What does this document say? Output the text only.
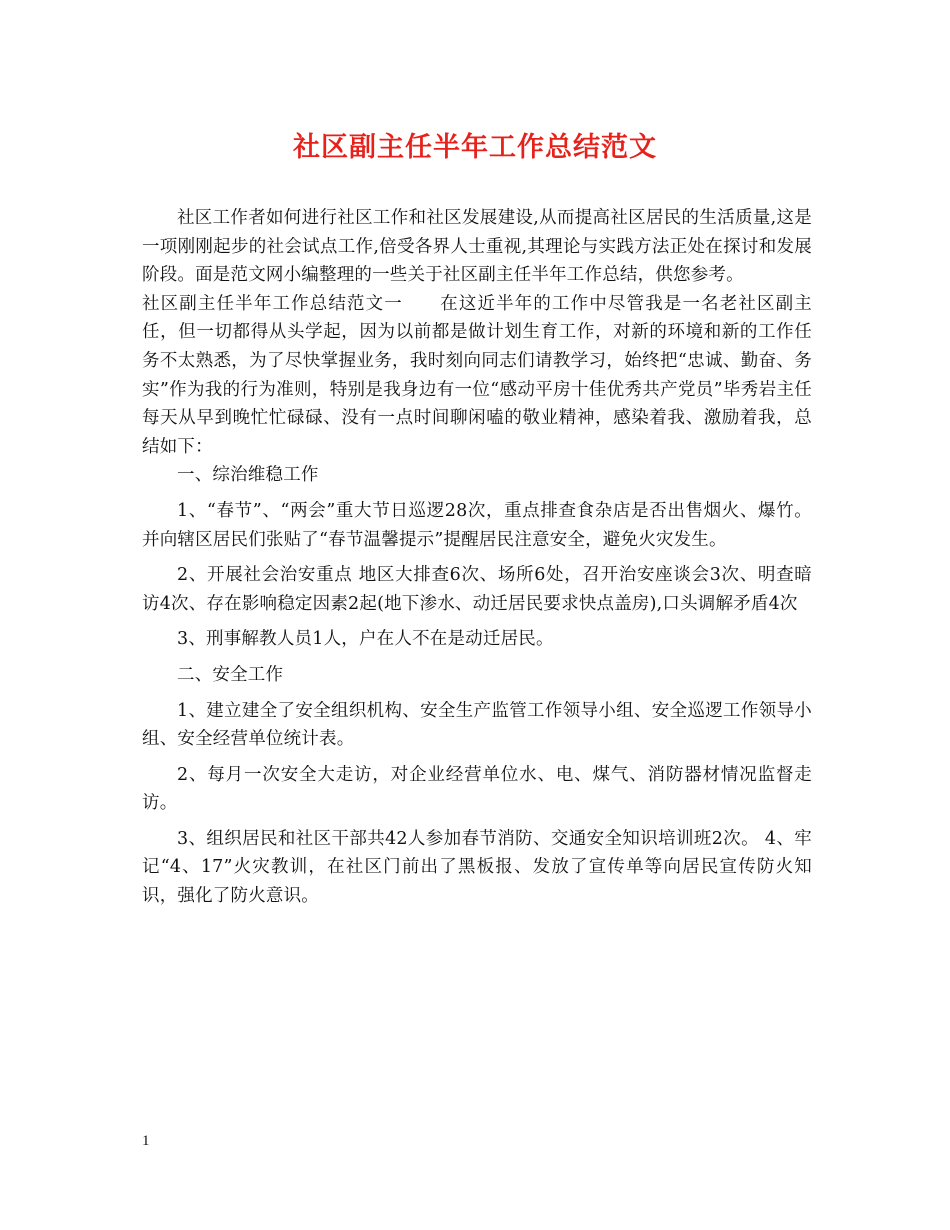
社区副主任半年工作总结范文

社区工作者如何进行社区工作和社区发展建设,从而提高社区居民的生活质量,这是一项刚刚起步的社会试点工作,倍受各界人士重视,其理论与实践方法正处在探讨和发展阶段。面是范文网小编整理的一些关于社区副主任半年工作总结，供您参考。

社区副主任半年工作总结范文一　　在这近半年的工作中尽管我是一名老社区副主任，但一切都得从头学起，因为以前都是做计划生育工作，对新的环境和新的工作任务不太熟悉，为了尽快掌握业务，我时刻向同志们请教学习，始终把“忠诚、勤奋、务实”作为我的行为准则，特别是我身边有一位“感动平房十佳优秀共产党员”毕秀岩主任每天从早到晚忙忙碌碌、没有一点时间聊闲嗑的敬业精神，感染着我、激励着我，总结如下：

一、综治维稳工作

1、“春节”、“两会”重大节日巡逻28次，重点排查食杂店是否出售烟火、爆竹。并向辖区居民们张贴了“春节温馨提示”提醒居民注意安全，避免火灾发生。

2、开展社会治安重点 地区大排查6次、场所6处，召开治安座谈会3次、明查暗访4次、存在影响稳定因素2起(地下渗水、动迁居民要求快点盖房),口头调解矛盾4次

3、刑事解教人员1人，户在人不在是动迁居民。

二、安全工作

1、建立建全了安全组织机构、安全生产监管工作领导小组、安全巡逻工作领导小组、安全经营单位统计表。

2、每月一次安全大走访，对企业经营单位水、电、煤气、消防器材情况监督走访。

3、组织居民和社区干部共42人参加春节消防、交通安全知识培训班2次。 4、牢记“4、17”火灾教训，在社区门前出了黑板报、发放了宣传单等向居民宣传防火知识，强化了防火意识。

1
